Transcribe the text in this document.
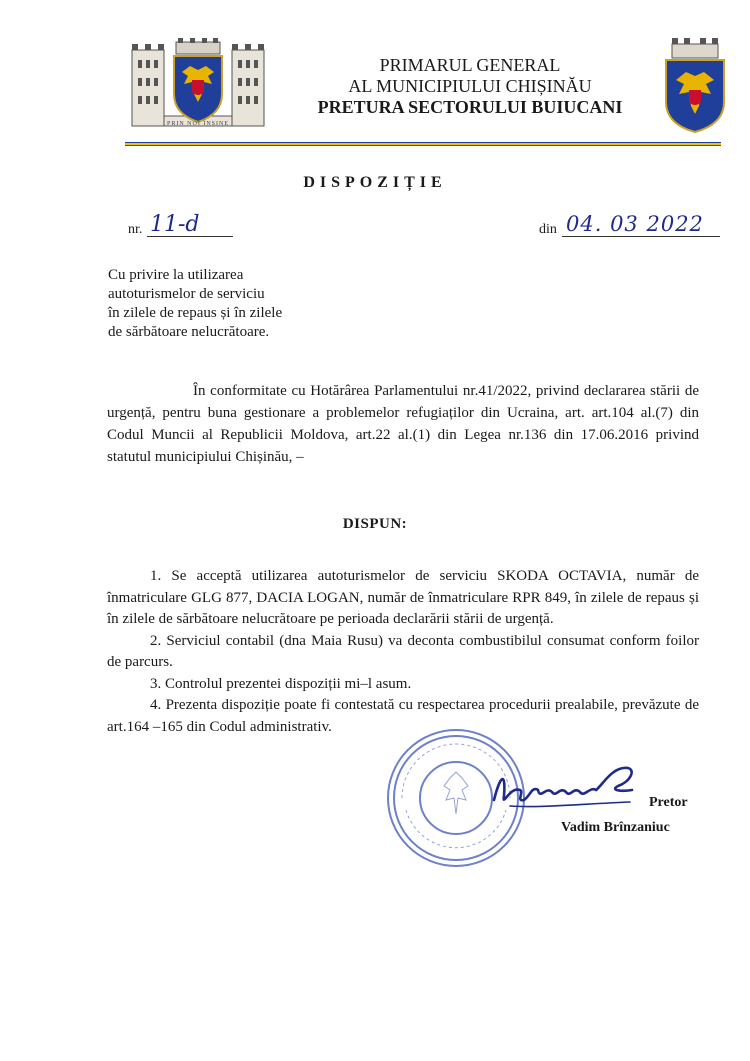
PRIN NOI ÎNȘINE
PRIMARUL GENERAL
AL MUNICIPIULUI CHIȘINĂU
PRETURA SECTORULUI BUIUCANI
DISPOZIȚIE
nr. 11-d	din 04. 03 2022
Cu privire la utilizarea
autoturismelor de serviciu
în zilele de repaus și în zilele
de sărbătoare nelucrătoare.
În conformitate cu Hotărârea Parlamentului nr.41/2022, privind declararea stării de urgență, pentru buna gestionare a problemelor refugiaților din Ucraina, art. art.104 al.(7) din Codul Muncii al Republicii Moldova, art.22 al.(1) din Legea nr.136 din 17.06.2016 privind statutul municipiului Chișinău, –
DISPUN:

1. Se acceptă utilizarea autoturismelor de serviciu SKODA OCTAVIA, număr de înmatriculare GLG 877, DACIA LOGAN, număr de înmatriculare RPR 849, în zilele de repaus și în zilele de sărbătoare nelucrătoare pe perioada declarării stării de urgență.

2. Serviciul contabil (dna Maia Rusu) va deconta combustibilul consumat conform foilor de parcurs.

3. Controlul prezentei dispoziții mi–l asum.

4. Prezenta dispoziție poate fi contestată cu respectarea procedurii prealabile, prevăzute de art.164 –165 din Codul administrativ.

Pretor
Vadim Brînzaniuc
